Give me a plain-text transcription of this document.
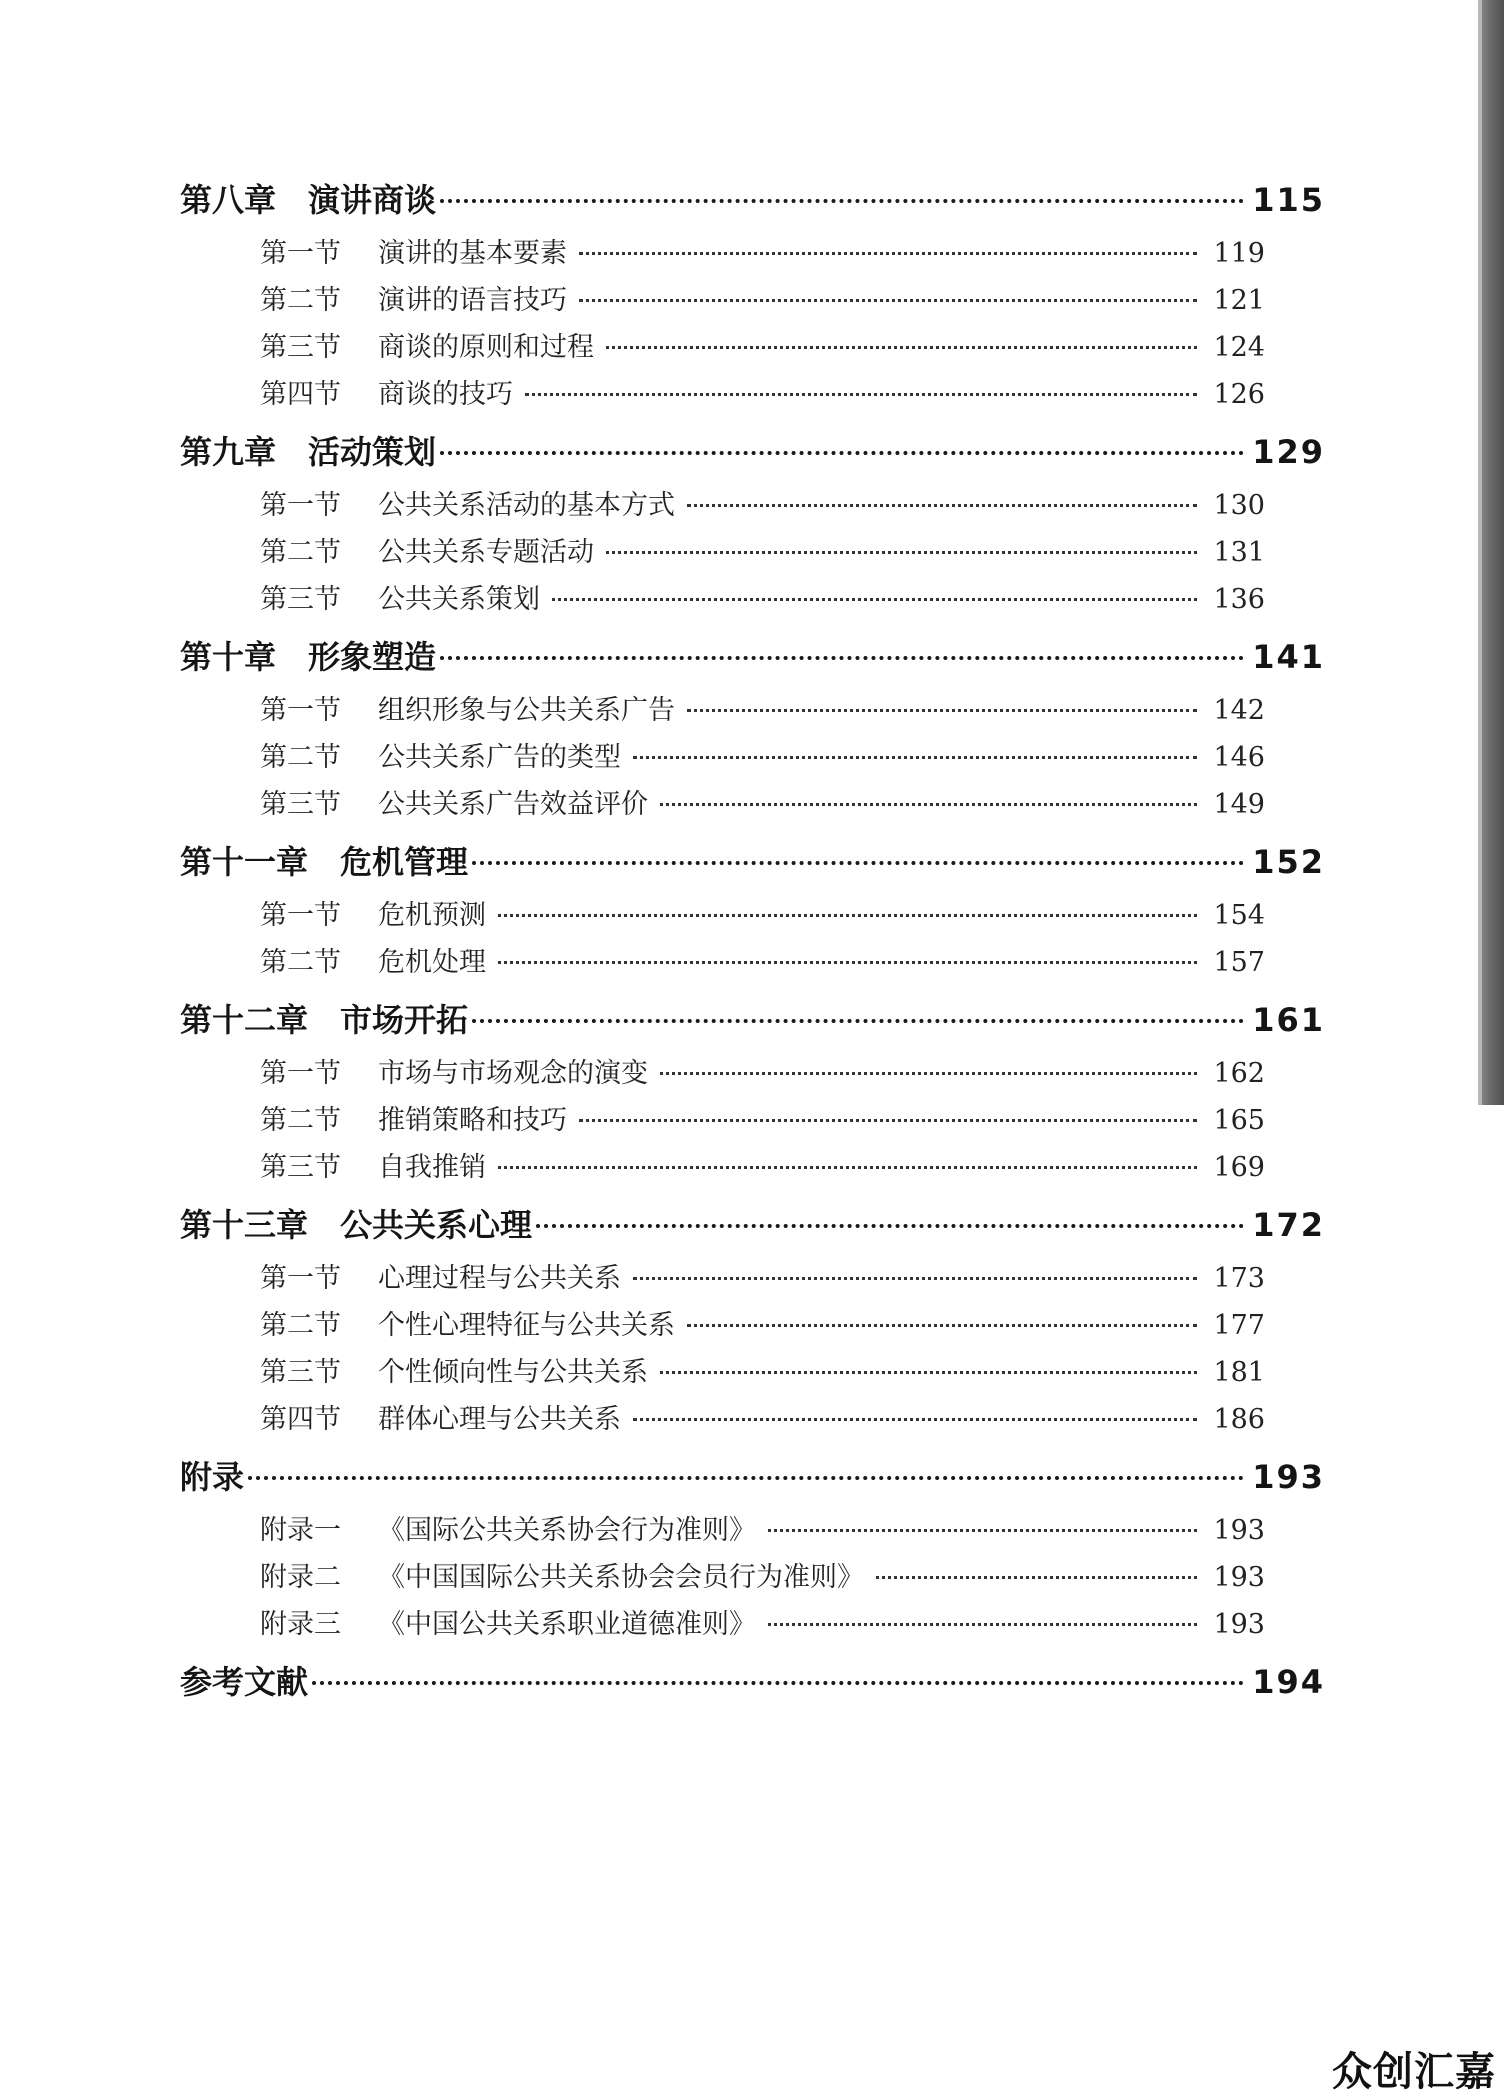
第八章 演讲商谈	115
第一节	演讲的基本要素	119
第二节	演讲的语言技巧	121
第三节	商谈的原则和过程	124
第四节	商谈的技巧	126
第九章 活动策划	129
第一节	公共关系活动的基本方式	130
第二节	公共关系专题活动	131
第三节	公共关系策划	136
第十章 形象塑造	141
第一节	组织形象与公共关系广告	142
第二节	公共关系广告的类型	146
第三节	公共关系广告效益评价	149
第十一章 危机管理	152
第一节	危机预测	154
第二节	危机处理	157
第十二章 市场开拓	161
第一节	市场与市场观念的演变	162
第二节	推销策略和技巧	165
第三节	自我推销	169
第十三章 公共关系心理	172
第一节	心理过程与公共关系	173
第二节	个性心理特征与公共关系	177
第三节	个性倾向性与公共关系	181
第四节	群体心理与公共关系	186
附录	193
附录一	《国际公共关系协会行为准则》	193
附录二	《中国国际公共关系协会会员行为准则》	193
附录三	《中国公共关系职业道德准则》	193
参考文献	194
众创汇嘉
